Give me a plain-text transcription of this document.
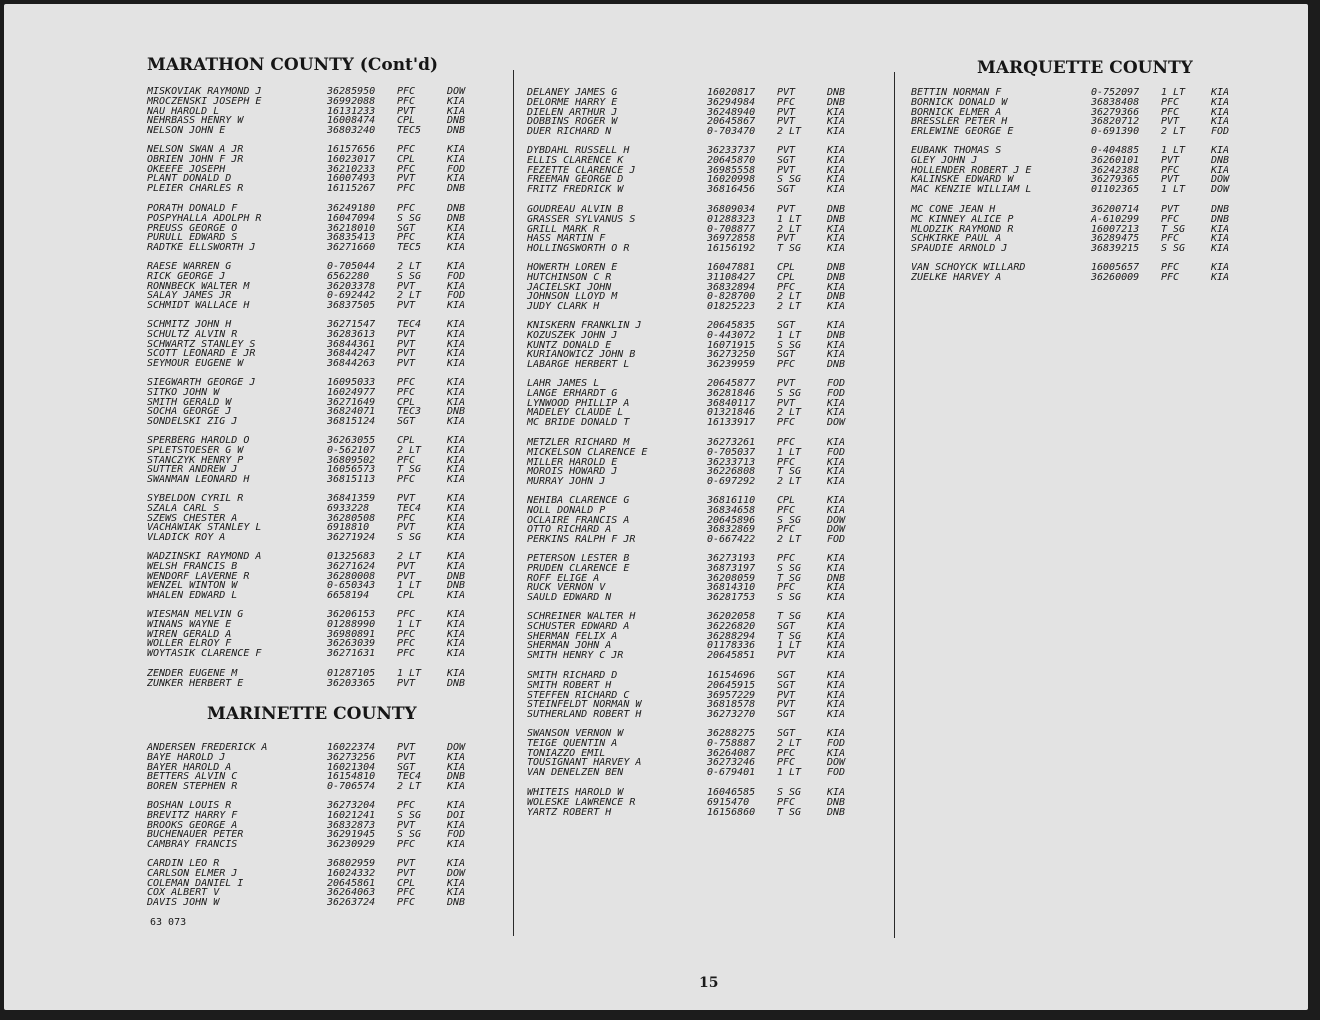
MARATHON COUNTY (Cont'd)
MARINETTE COUNTY
MARQUETTE COUNTY
MISKOVIAK RAYMOND J	36285950 PFC	DOW
MROCZENSKI JOSEPH E	36992088 PFC	KIA
NAU HAROLD L	16131233 PVT	KIA
NEHRBASS HENRY W	16008474 CPL	DNB
NELSON JOHN E	36803240 TEC5	DNB
NELSON SWAN A JR	16157656 PFC	KIA
OBRIEN JOHN F JR	16023017 CPL	KIA
OKEEFE JOSEPH	36210233 PFC	FOD
PLANT DONALD D	16007493 PVT	KIA
PLEIER CHARLES R	16115267 PFC	DNB
PORATH DONALD F	36249180 PFC	DNB
POSPYHALLA ADOLPH R	16047094 S SG	DNB
PREUSS GEORGE O	36218010 SGT	KIA
PURULL EDWARD S	36835413 PFC	KIA
RADTKE ELLSWORTH J	36271660 TEC5	KIA
RAESE WARREN G	0-705044 2 LT	KIA
RICK GEORGE J	6562280	S SG	FOD
RONNBECK WALTER M	36203378 PVT	KIA
SALAY JAMES JR	0-692442 2 LT	FOD
SCHMIDT WALLACE H	36837505 PVT	KIA
SCHMITZ JOHN H	36271547 TEC4	KIA
SCHULTZ ALVIN R	36283613 PVT	KIA
SCHWARTZ STANLEY S	36844361 PVT	KIA
SCOTT LEONARD E JR	36844247 PVT	KIA
SEYMOUR EUGENE W	36844263 PVT	KIA
SIEGWARTH GEORGE J	16095033 PFC	KIA
SITKO JOHN W	16024977 PFC	KIA
SMITH GERALD W	36271649 CPL	KIA
SOCHA GEORGE J	36824071 TEC3	DNB
SONDELSKI ZIG J	36815124 SGT	KIA
SPERBERG HAROLD O	36263055 CPL	KIA
SPLETSTOESER G W	0-562107 2 LT	KIA
STANCZYK HENRY P	36809502 PFC	KIA
SUTTER ANDREW J	16056573 T SG	KIA
SWANMAN LEONARD H	36815113 PFC	KIA
SYBELDON CYRIL R	36841359 PVT	KIA
SZALA CARL S	6933228	TEC4	KIA
SZEWS CHESTER A	36280508 PFC	KIA
VACHAWIAK STANLEY L	6918810	PVT	KIA
VLADICK ROY A	36271924 S SG	KIA
WADZINSKI RAYMOND A	01325683 2 LT	KIA
WELSH FRANCIS B	36271624 PVT	KIA
WENDORF LAVERNE R	36280008 PVT	DNB
WENZEL WINTON W	0-650343 1 LT	DNB
WHALEN EDWARD L	6658194	CPL	KIA
WIESMAN MELVIN G	36206153 PFC	KIA
WINANS WAYNE E	01288990 1 LT	KIA
WIREN GERALD A	36980891 PFC	KIA
WOLLER ELROY F	36263039 PFC	KIA
WOYTASIK CLARENCE F	36271631 PFC	KIA
ZENDER EUGENE M	01287105 1 LT	KIA
ZUNKER HERBERT E	36203365 PVT	DNB
ANDERSEN FREDERICK A	16022374 PVT	DOW
BAYE HAROLD J	36273256 PVT	KIA
BAYER HAROLD A	16021304 SGT	KIA
BETTERS ALVIN C	16154810 TEC4	DNB
BOREN STEPHEN R	0-706574 2 LT	KIA
BOSHAN LOUIS R	36273204 PFC	KIA
BREVITZ HARRY F	16021241 S SG	DOI
BROOKS GEORGE A	36832873 PVT	KIA
BUCHENAUER PETER	36291945 S SG	FOD
CAMBRAY FRANCIS	36230929 PFC	KIA
CARDIN LEO R	36802959 PVT	KIA
CARLSON ELMER J	16024332 PVT	DOW
COLEMAN DANIEL I	20645861 CPL	KIA
COX ALBERT V	36264063 PFC	KIA
DAVIS JOHN W	36263724 PFC	DNB
DELANEY JAMES G	16020817 PVT	DNB
DELORME HARRY E	36294984 PFC	DNB
DIELEN ARTHUR J	36248940 PVT	KIA
DOBBINS ROGER W	20645867 PVT	KIA
DUER RICHARD N	0-703470 2 LT	KIA
DYBDAHL RUSSELL H	36233737 PVT	KIA
ELLIS CLARENCE K	20645870 SGT	KIA
FEZETTE CLARENCE J	36985558 PVT	KIA
FREEMAN GEORGE D	16020998 S SG	KIA
FRITZ FREDRICK W	36816456 SGT	KIA
GOUDREAU ALVIN B	36809034 PVT	DNB
GRASSER SYLVANUS S	01288323 1 LT	DNB
GRILL MARK R	0-708877 2 LT	KIA
HASS MARTIN F	36972858 PVT	KIA
HOLLINGSWORTH O R	16156192 T SG	KIA
HOWERTH LOREN E	16047881 CPL	DNB
HUTCHINSON C R	31108427 CPL	DNB
JACIELSKI JOHN	36832894 PFC	KIA
JOHNSON LLOYD M	0-828700 2 LT	DNB
JUDY CLARK H	01825223 2 LT	KIA
KNISKERN FRANKLIN J	20645835 SGT	KIA
KOZUSZEK JOHN J	0-443072 1 LT	DNB
KUNTZ DONALD E	16071915 S SG	KIA
KURIANOWICZ JOHN B	36273250 SGT	KIA
LABARGE HERBERT L	36239959 PFC	DNB
LAHR JAMES L	20645877 PVT	FOD
LANGE ERHARDT G	36281846 S SG	FOD
LYNWOOD PHILLIP A	36840117 PVT	KIA
MADELEY CLAUDE L	01321846 2 LT	KIA
MC BRIDE DONALD T	16133917 PFC	DOW
METZLER RICHARD M	36273261 PFC	KIA
MICKELSON CLARENCE E	0-705037 1 LT	FOD
MILLER HAROLD E	36233713 PFC	KIA
MOROIS HOWARD J	36226808 T SG	KIA
MURRAY JOHN J	0-697292 2 LT	KIA
NEHIBA CLARENCE G	36816110 CPL	KIA
NOLL DONALD P	36834658 PFC	KIA
OCLAIRE FRANCIS A	20645896 S SG	DOW
OTTO RICHARD A	36832869 PFC	DOW
PERKINS RALPH F JR	0-667422 2 LT	FOD
PETERSON LESTER B	36273193 PFC	KIA
PRUDEN CLARENCE E	36873197 S SG	KIA
ROFF ELIGE A	36208059 T SG	DNB
RUCK VERNON V	36814310 PFC	KIA
SAULD EDWARD N	36281753 S SG	KIA
SCHREINER WALTER H	36202058 T SG	KIA
SCHUSTER EDWARD A	36226820 SGT	KIA
SHERMAN FELIX A	36288294 T SG	KIA
SHERMAN JOHN A	01178336 1 LT	KIA
SMITH HENRY C JR	20645851 PVT	KIA
SMITH RICHARD D	16154696 SGT	KIA
SMITH ROBERT H	20645915 SGT	KIA
STEFFEN RICHARD C	36957229 PVT	KIA
STEINFELDT NORMAN W	36818578 PVT	KIA
SUTHERLAND ROBERT H	36273270 SGT	KIA
SWANSON VERNON W	36288275 SGT	KIA
TEIGE QUENTIN A	0-758887 2 LT	FOD
TONIAZZO EMIL	36264087 PFC	KIA
TOUSIGNANT HARVEY A	36273246 PFC	DOW
VAN DENELZEN BEN	0-679401 1 LT	FOD
WHITEIS HAROLD W	16046585 S SG	KIA
WOLESKE LAWRENCE R	6915470	PFC	DNB
YARTZ ROBERT H	16156860 T SG	DNB
BETTIN NORMAN F	0-752097 1 LT	KIA
BORNICK DONALD W	36838408 PFC	KIA
BORNICK ELMER A	36279366 PFC	KIA
BRESSLER PETER H	36820712 PVT	KIA
ERLEWINE GEORGE E	0-691390 2 LT	FOD
EUBANK THOMAS S	0-404885 1 LT	KIA
GLEY JOHN J	36260101 PVT	DNB
HOLLENDER ROBERT J E	36242388 PFC	KIA
KALINSKE EDWARD W	36279365 PVT	DOW
MAC KENZIE WILLIAM L	01102365 1 LT	DOW
MC CONE JEAN H	36200714 PVT	DNB
MC KINNEY ALICE P	A-610299 PFC	DNB
MLODZIK RAYMOND R	16007213 T SG	KIA
SCHKIRKE PAUL A	36289475 PFC	KIA
SPAUDIE ARNOLD J	36839215 S SG	KIA
VAN SCHOYCK WILLARD	16005657 PFC	KIA
ZUELKE HARVEY A	36260009 PFC	KIA
63 073
15
